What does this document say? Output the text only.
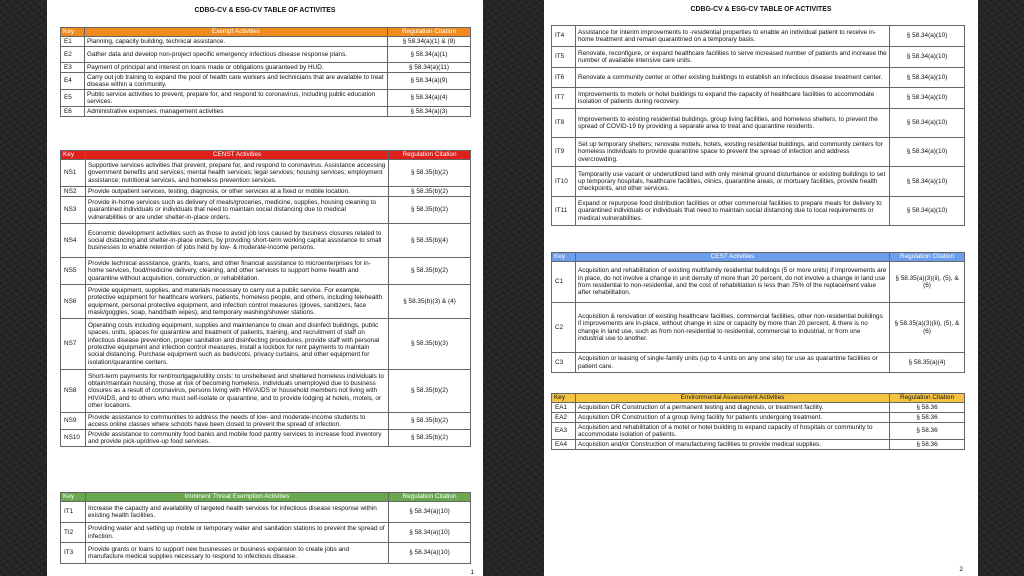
CDBG-CV & ESG-CV TABLE OF ACTIVITES
Key	Exempt Activities	Regulation Citation
E1	Planning, capacity building, technical assistance.	§ 58.34(a)(1) & (9)
E2	Gather data and develop non-project specific emergency infectious disease response plans.	§ 58.34(a)(1)
E3	Payment of principal and interest on loans made or obligations guaranteed by HUD.	§ 58.34(a)(11)
E4	Carry out job training to expand the pool of health care workers and technicians that are available to treat disease within a community.	§ 58.34(a)(9)
E5	Public service activities to prevent, prepare for, and respond to coronavirus, including public education services.	§ 58.34(a)(4)
E6	Administrative expenses, management activities	§ 58.34(a)(3)
Key	CENST Activities	Regulation Citation
NS1	Supportive services activities that prevent, prepare for, and respond to coronavirus. Assistance accessing government benefits and services; mental health services; legal services; housing services; employment assistance; nutritional services, and homeless prevention services.	§ 58.35(b)(2)
NS2	Provide outpatient services, testing, diagnosis, or other services at a fixed or mobile location.	§ 58.35(b)(2)
NS3	Provide in-home services such as delivery of meals/groceries, medicine, supplies, housing cleaning to quarantined individuals or individuals that need to maintain social distancing due to medical vulnerabilities or are under shelter-in-place orders.	§ 58.35(b)(2)
NS4	Economic development activities such as those to avoid job loss caused by business closures related to social distancing and shelter-in-place orders, by providing short-term working capital assistance to small businesses to enable retention of jobs held by low- & moderate-income persons.	§ 58.35(b)(4)
NS5	Provide technical assistance, grants, loans, and other financial assistance to microenterprises for in-home services, food/medicine delivery, cleaning, and other services to support home health and quarantine without acquisition, construction, or rehabilitation.	§ 58.35(b)(2)
NS6	Provide equipment, supplies, and materials necessary to carry out a public service. For example, protective equipment for healthcare workers, patients, homeless people, and others, including telehealth equipment, personal protective equipment, and infection control measures (gloves, sanitizers, face mask/goggles, soap, hand/bath wipes), and temporary washing/shower stations.	§ 58.35(b)(3) & (4)
NS7	Operating costs including equipment, supplies and maintenance to clean and disinfect buildings, public spaces, units, spaces for quarantine and treatment of patients, training, and recruitment of staff on infectious disease prevention, proper sanitation and disinfecting procedures, provide staff with personal protective equipment and infection control measures, install a lockbox for rent payments to maintain social distancing. Purchase equipment such as beds/cots, privacy curtains, and other equipment for isolation/quarantine centers.	§ 58.35(b)(3)
NS8	Short-term payments for rent/mortgage/utility costs: to unsheltered and sheltered homeless individuals to obtain/maintain housing, those at risk of becoming homeless, individuals unemployed due to business closures as a result of coronavirus, persons living with HIV/AIDS or household members not living with HIV/AIDS, and to others who must self-isolate or quarantine, and to provide lodging at hotels, motels, or other locations.	§ 58.35(b)(2)
NS9	Provide assistance to communities to address the needs of low- and moderate-income students to access online classes where schools have been closed to prevent the spread of infection.	§ 58.35(b)(2)
NS10	Provide assistance to community food banks and mobile food pantry services to increase food inventory and provide pick-up/drive-up food services.	§ 58.35(b)(2)
Key	Imminent Threat Exemption Activities	Regulation Citation
IT1	Increase the capacity and availability of targeted health services for infectious disease response within existing health facilities.	§ 58.34(a)(10)
TI2	Providing water and setting up mobile or temporary water and sanitation stations to prevent the spread of infection.	§ 58.34(a)(10)
IT3	Provide grants or loans to support new businesses or business expansion to create jobs and manufacture medical supplies necessary to respond to infectious disease.	§ 58.34(a)(10)
1
CDBG-CV & ESG-CV TABLE OF ACTIVITES
IT4	Assistance for interim improvements to -residential properties to enable an individual patient to receive in-home treatment and remain quarantined on a temporary basis.	§ 58.34(a)(10)
IT5	Renovate, reconfigure, or expand healthcare facilities to serve increased number of patients and increase the number of available intensive care units.	§ 58.34(a)(10)
IT6	Renovate a community center or other existing buildings to establish an infectious disease treatment center.	§ 58.34(a)(10)
IT7	Improvements to motels or hotel buildings to expand the capacity of healthcare facilities to accommodate isolation of patients during recovery.	§ 58.34(a)(10)
IT8	Improvements to existing residential buildings, group living facilities, and homeless shelters, to prevent the spread of COVID-19 by providing a separate area to treat and quarantine residents.	§ 58.34(a)(10)
IT9	Set up temporary shelters; renovate motels, hotels, existing residential buildings, and community centers for homeless individuals to provide quarantine space to prevent the spread of infection and address overcrowding.	§ 58.34(a)(10)
IT10	Temporarily use vacant or underutilized land with only minimal ground disturbance or existing buildings to set up temporary hospitals, healthcare facilities, clinics, quarantine areas, or mortuary facilities, provide health checkpoints, and other services.	§ 58.34(a)(10)
IT11	Expand or repurpose food distribution facilities or other commercial facilities to prepare meals for delivery to quarantined individuals or individuals that need to maintain social distancing due to local requirements or medical vulnerabilities.	§ 58.34(a)(10)
Key	CEST Activities	Regulation Citation
C1	Acquisition and rehabilitation of existing multifamily residential buildings (5 or more units) if improvements are in place, do not involve a change in unit density of more than 20 percent, do not involve a change in land use from residential to non-residential, and the cost of rehabilitation is less than 75% of the replacement value after rehabilitation.	§ 58.35(a)(3)(ii), (5), & (6)
C2	Acquisition & renovation of existing healthcare facilities, commercial facilities, other non-residential buildings if improvements are in-place, without change in size or capacity by more than 20 percent, & there is no change in land use, such as from non-residential to residential, commercial to industrial, or from one industrial use to another.	§ 58.35(a)(3)(iii), (5), & (6)
C3	Acquisition or leasing of single-family units (up to 4 units on any one site) for use as quarantine facilities or patient care.	§ 58.35(a)(4)
Key	Environmental Assessment Activities	Regulation Citation
EA1	Acquisition OR Construction of a permanent testing and diagnosis, or treatment facility.	§ 58.36
EA2	Acquisition OR Construction of a group living facility for patients undergoing treatment.	§ 58.36
EA3	Acquisition and rehabilitation of a motel or hotel building to expand capacity of hospitals or community to accommodate isolation of patients.	§ 58.36
EA4	Acquisition and/or Construction of manufacturing facilities to provide medical supplies.	§ 58.36
2
